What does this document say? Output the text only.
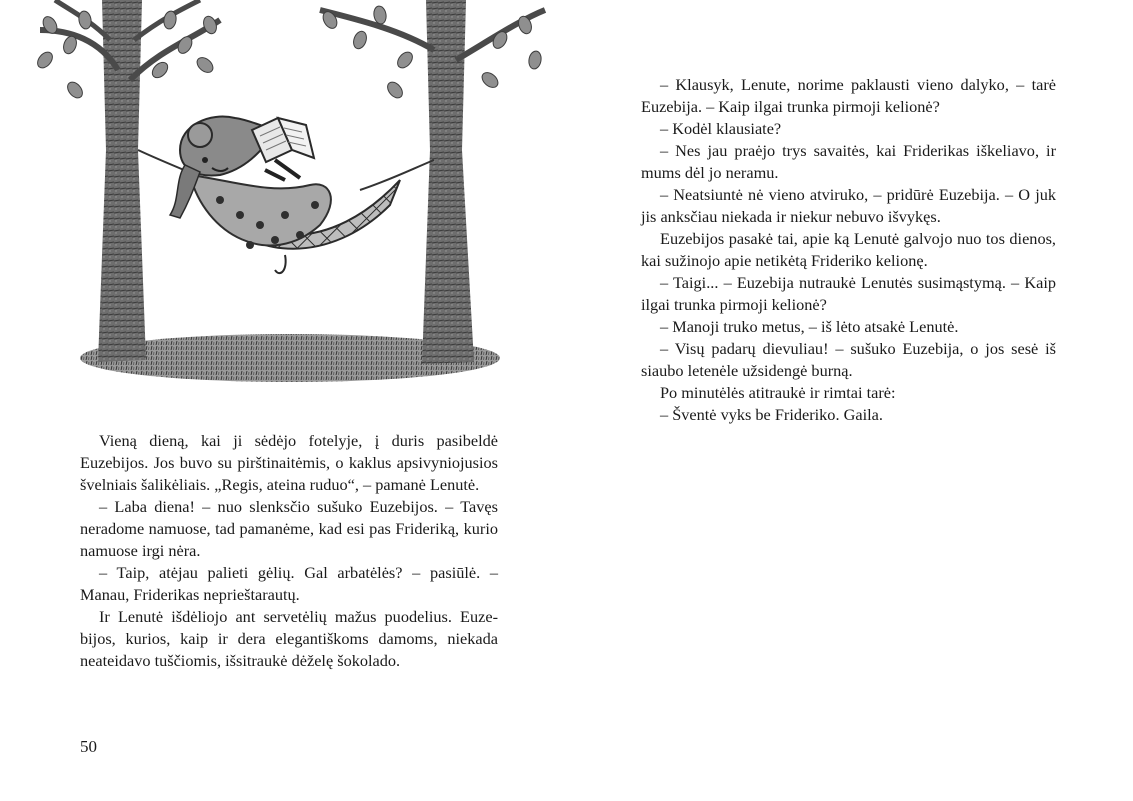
Vieną dieną, kai ji sėdėjo fotelyje, į duris pasibeldė Euzebijos. Jos buvo su pirštinaitėmis, o kaklus apsivyniojusios švelniais šalikėliais. „Regis, ateina ruduo“, – pamanė Lenutė.

– Laba diena! – nuo slenksčio sušuko Euzebijos. – Tavęs neradome namuose, tad pamanėme, kad esi pas Frideriką, kurio namuose irgi nėra.

– Taip, atėjau palieti gėlių. Gal arbatėlės? – pasiūlė. – Manau, Friderikas neprieštarautų.

Ir Lenutė išdėliojo ant servetėlių mažus puodelius. Euzebijos, kurios, kaip ir dera elegantiškoms damoms, niekada neateidavo tuščiomis, išsitraukė dėželę šokolado.

50

– Klausyk, Lenute, norime paklausti vieno dalyko, – tarė Euzebija. – Kaip ilgai trunka pirmoji kelionė?

– Kodėl klausiate?

– Nes jau praėjo trys savaitės, kai Friderikas iškeliavo, ir mums dėl jo neramu.

– Neatsiuntė nė vieno atviruko, – pridūrė Euzebija. – O juk jis anksčiau niekada ir niekur nebuvo išvykęs.

Euzebijos pasakė tai, apie ką Lenutė galvojo nuo tos dienos, kai sužinojo apie netikėtą Frideriko kelionę.

– Taigi... – Euzebija nutraukė Lenutės susimąstymą. – Kaip ilgai trunka pirmoji kelionė?

– Manoji truko metus, – iš lėto atsakė Lenutė.

– Visų padarų dievuliau! – sušuko Euzebija, o jos sesė iš siaubo letenėle užsidengė burną.

Po minutėlės atitraukė ir rimtai tarė:

– Šventė vyks be Frideriko. Gaila.
